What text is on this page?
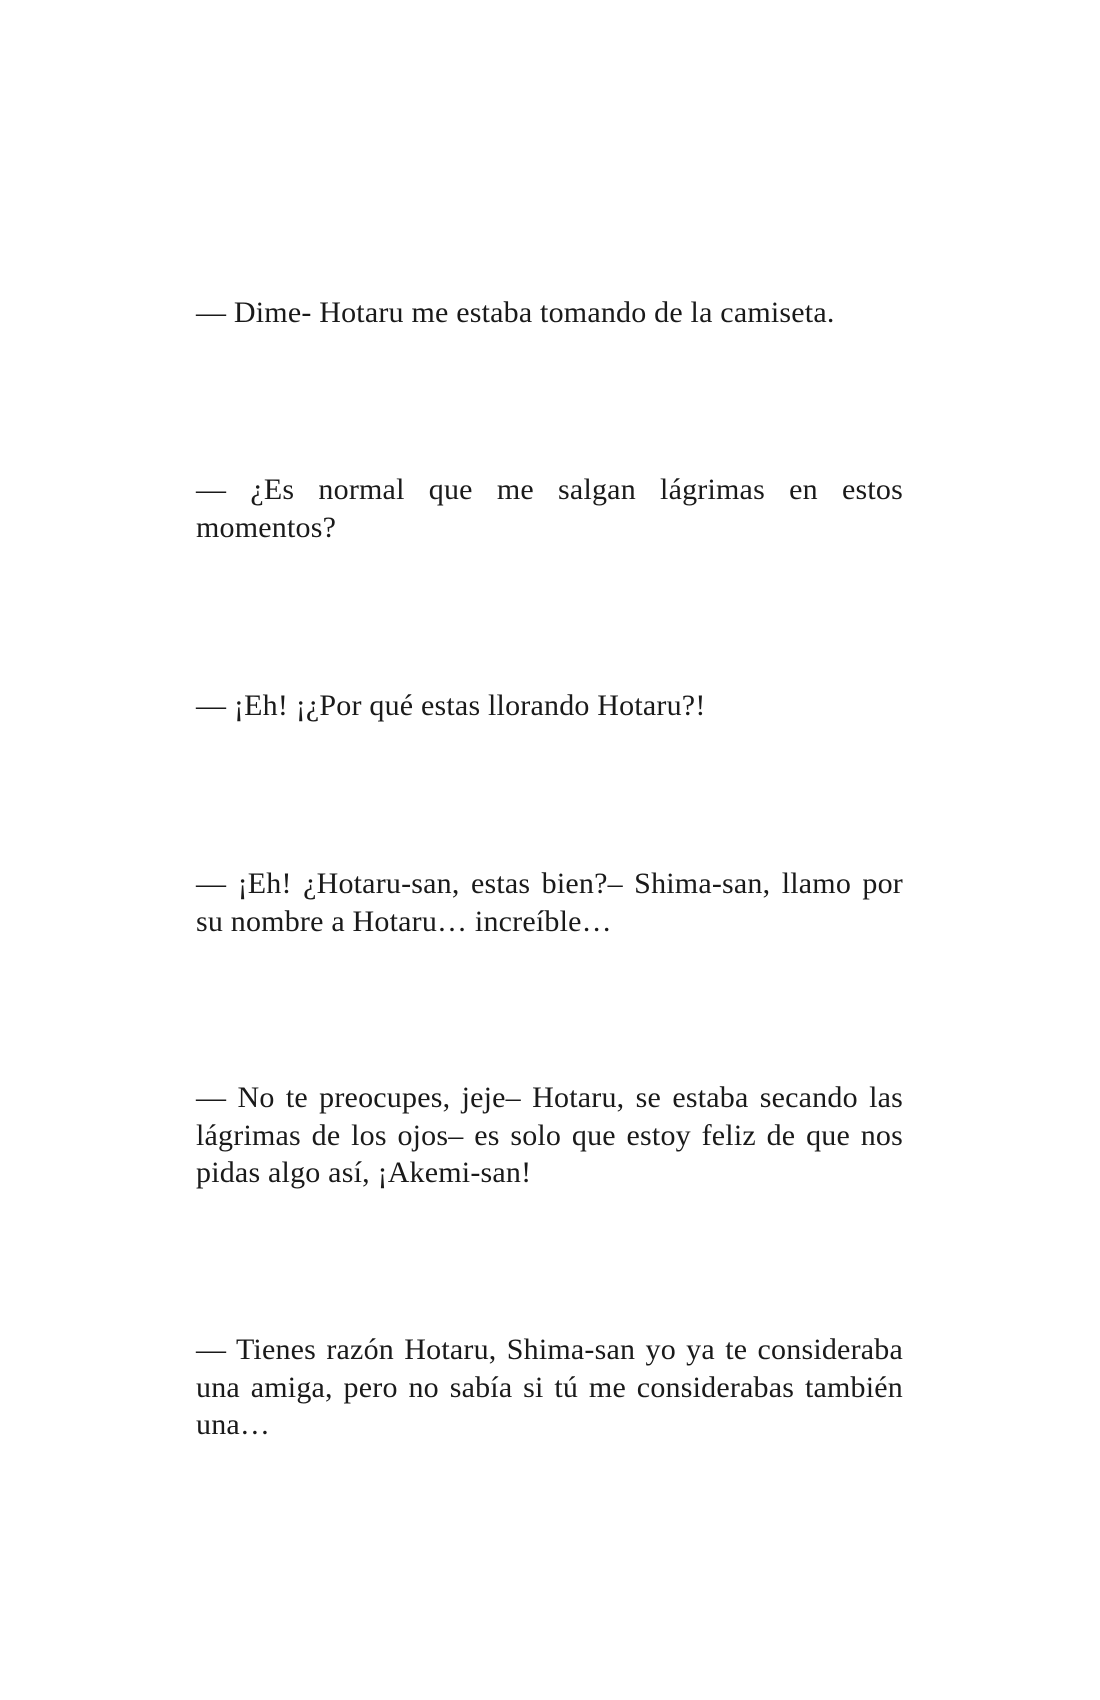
— Dime- Hotaru me estaba tomando de la camiseta.

— ¿Es normal que me salgan lágrimas en estos momentos?

— ¡Eh! ¡¿Por qué estas llorando Hotaru?!

— ¡Eh! ¿Hotaru-san, estas bien?– Shima-san, llamo por su nombre a Hotaru… increíble…

— No te preocupes, jeje– Hotaru, se estaba secando las lágrimas de los ojos– es solo que estoy feliz de que nos pidas algo así, ¡Akemi-san!

— Tienes razón Hotaru, Shima-san yo ya te consideraba una amiga, pero no sabía si tú me considerabas también una…
